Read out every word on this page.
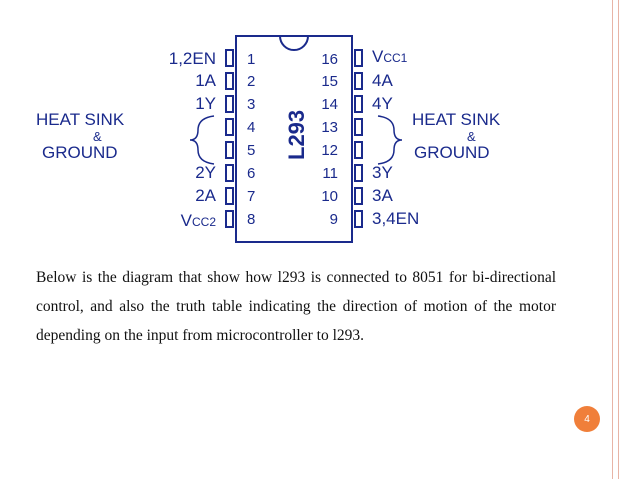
L293
1
2
3
4
5
6
7
8
16
15
14
13
12
11
10
9
1,2EN
1A
1Y
2Y
2A
VCC2
VCC1
4A
4Y
3Y
3A
3,4EN
HEAT SINK
&
GROUND
HEAT SINK
&
GROUND
Below is the diagram that show how l293 is connected to 8051 for bi-directional control, and also the truth table indicating the direction of motion of the motor depending on the input from microcontroller to l293.
4
